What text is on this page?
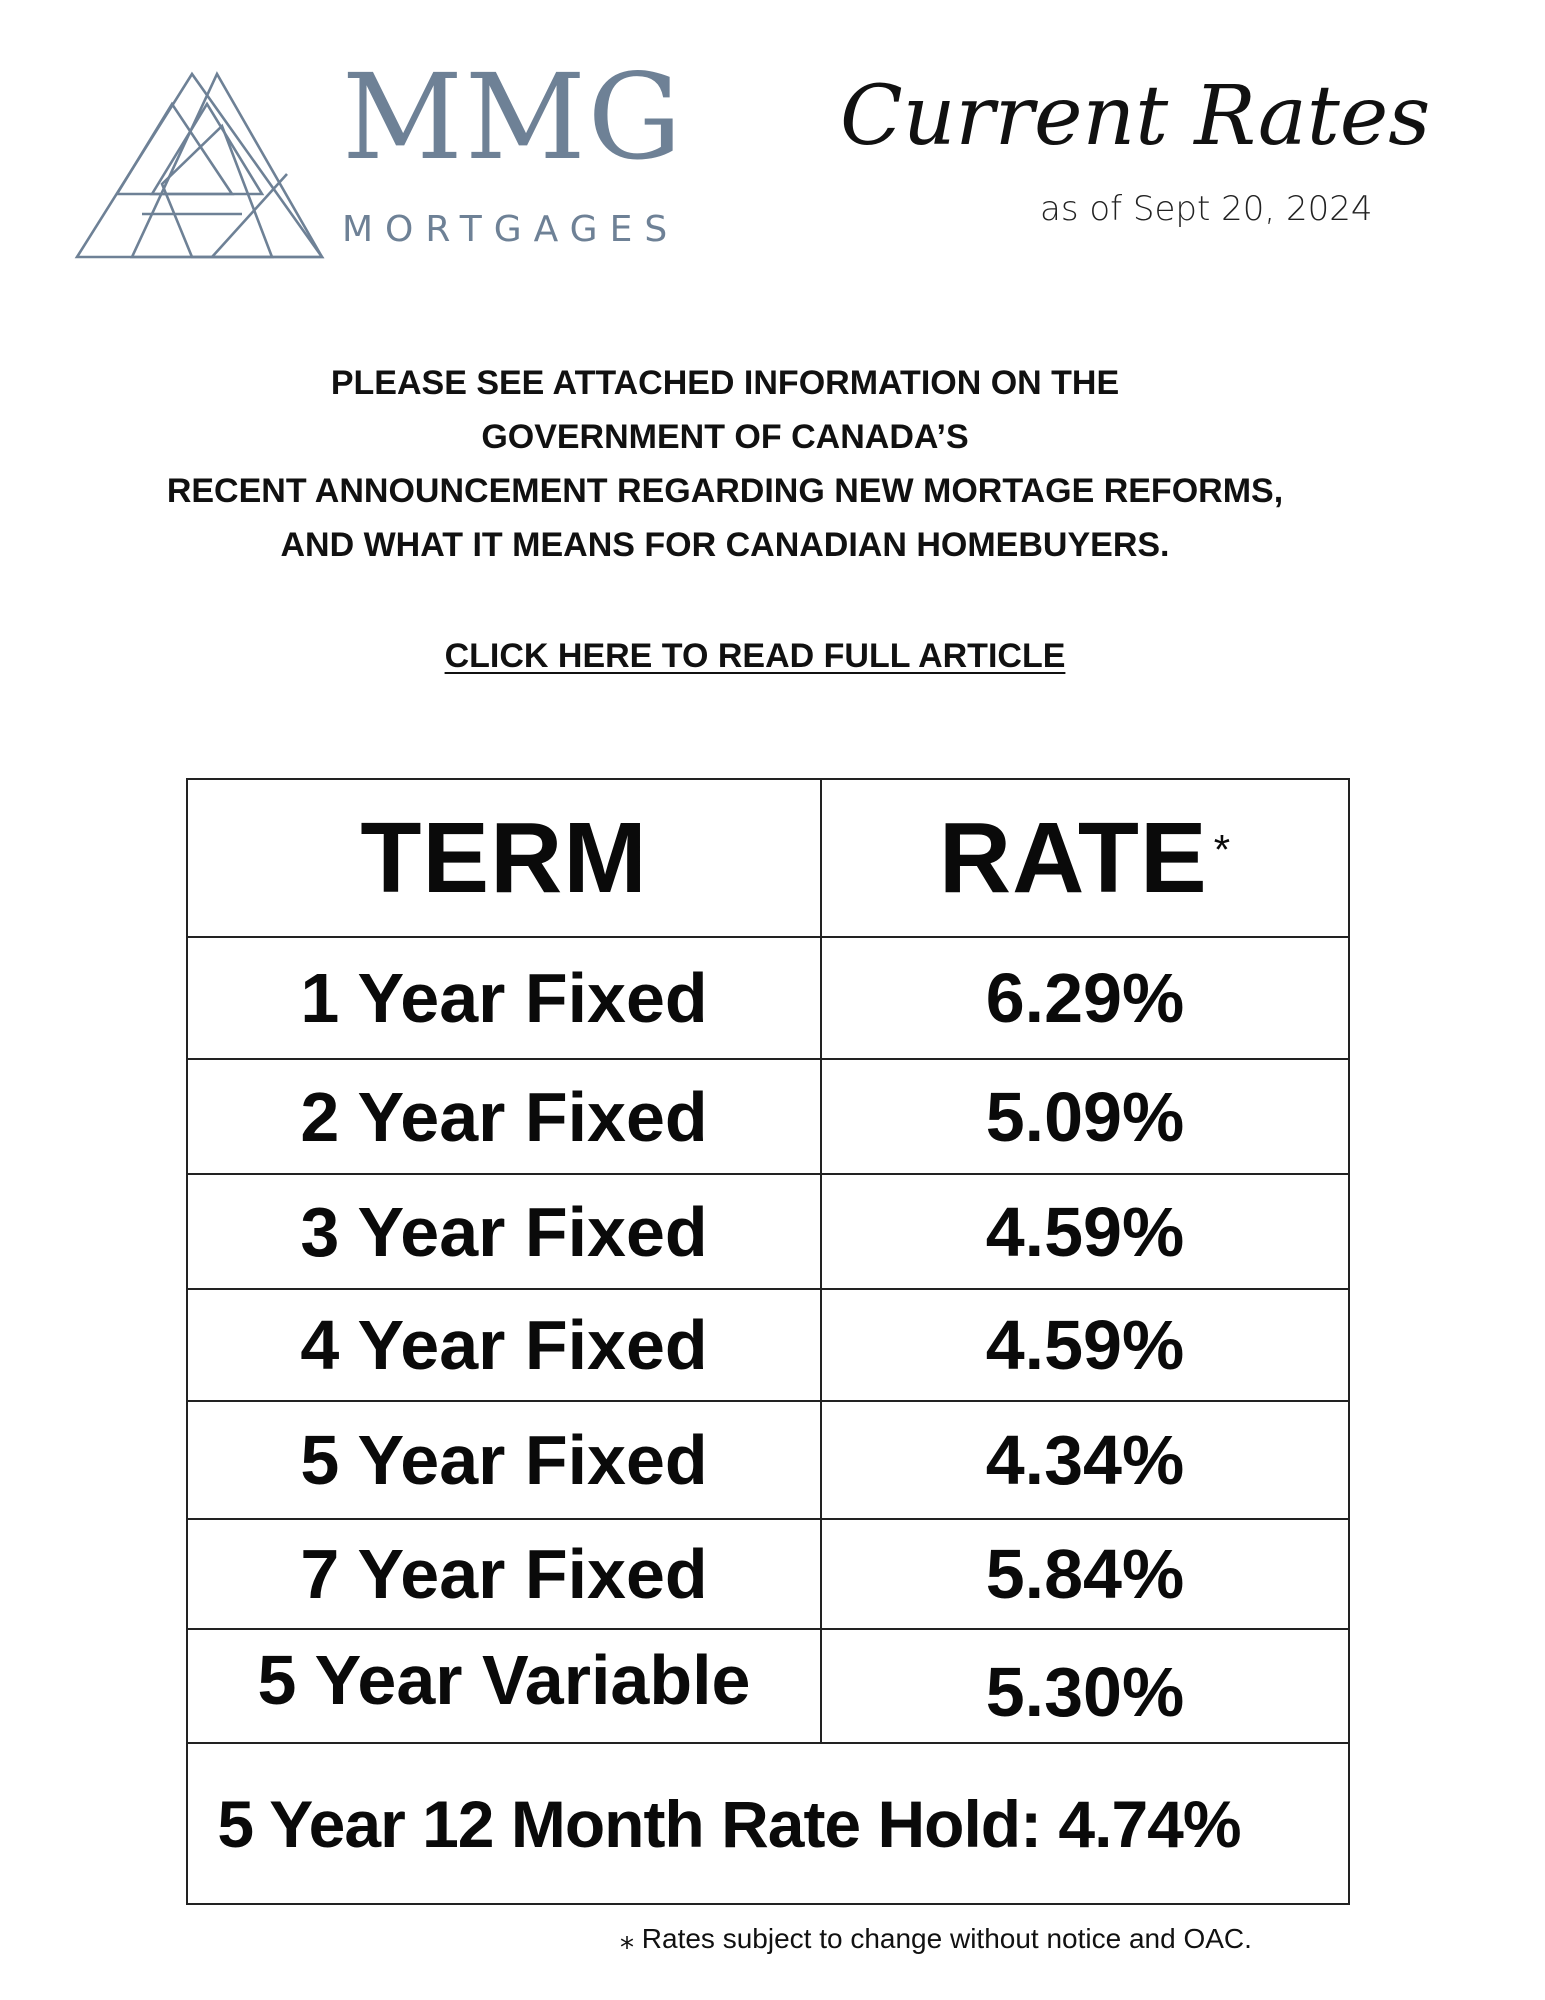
MMG
MORTGAGES
Current Rates
as of Sept 20, 2024
PLEASE SEE ATTACHED INFORMATION ON THE
GOVERNMENT OF CANADA’S
RECENT ANNOUNCEMENT REGARDING NEW MORTAGE REFORMS,
AND WHAT IT MEANS FOR CANADIAN HOMEBUYERS.
CLICK HERE TO READ FULL ARTICLE
TERM	RATE*
1 Year Fixed	6.29%
2 Year Fixed	5.09%
3 Year Fixed	4.59%
4 Year Fixed	4.59%
5 Year Fixed	4.34%
7 Year Fixed	5.84%
5 Year Variable	5.30%
5 Year 12 Month Rate Hold: 4.74%
⁎ Rates subject to change without notice and OAC.
